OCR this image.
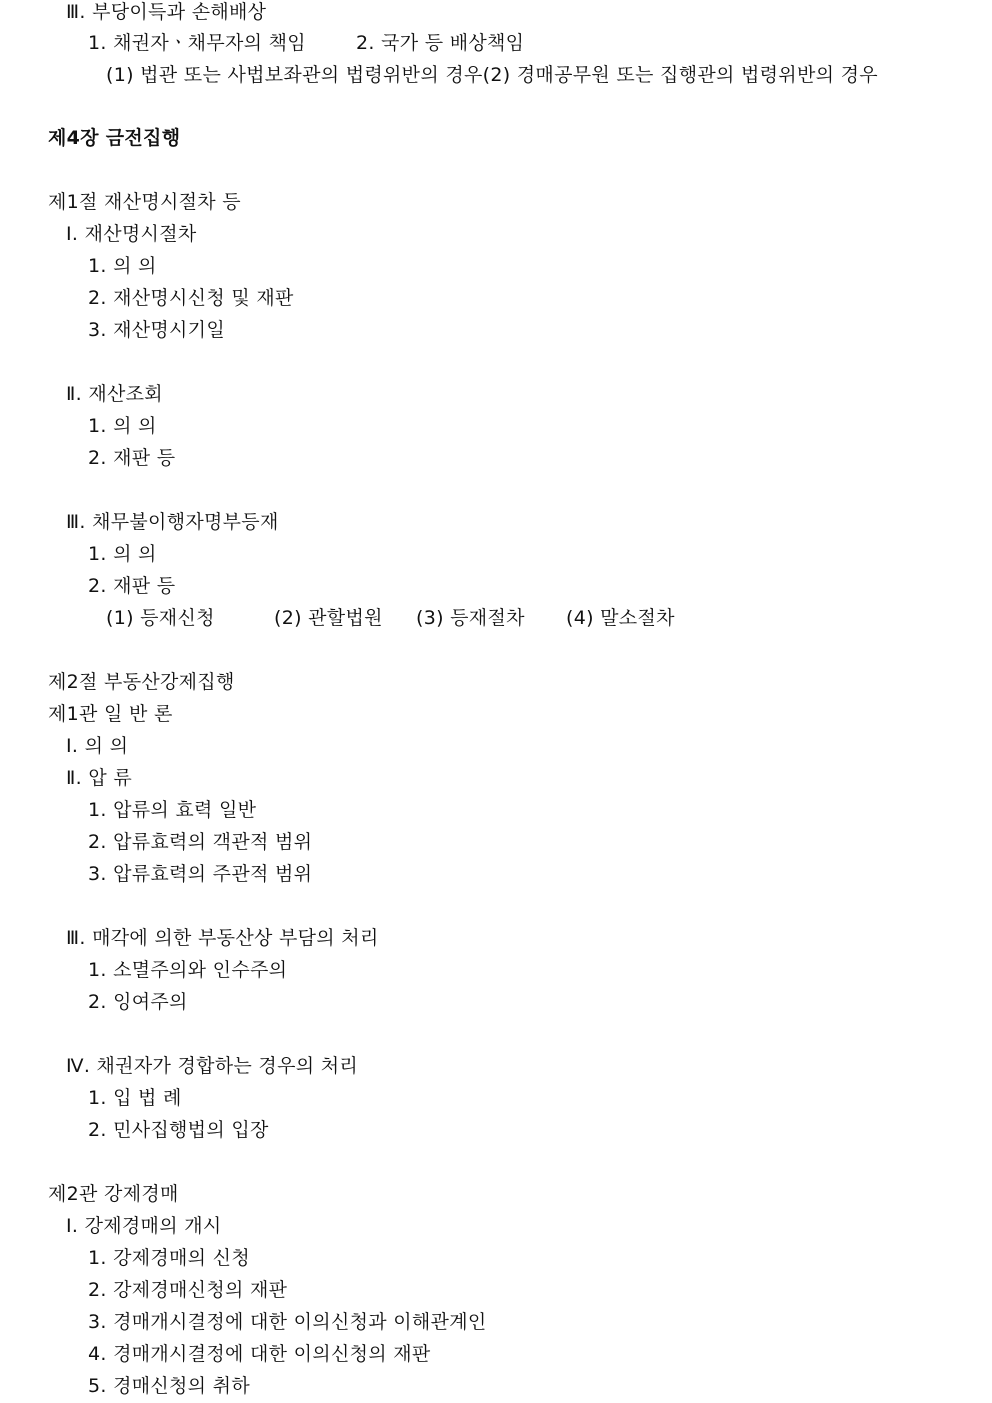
Ⅲ. 부당이득과 손해배상
1. 채권자ㆍ채무자의 책임	2. 국가 등 배상책임
(1) 법관 또는 사법보좌관의 법령위반의 경우(2) 경매공무원 또는 집행관의 법령위반의 경우
제4장 금전집행
제1절 재산명시절차 등
Ⅰ. 재산명시절차
1. 의 의
2. 재산명시신청 및 재판
3. 재산명시기일
Ⅱ. 재산조회
1. 의 의
2. 재판 등
Ⅲ. 채무불이행자명부등재
1. 의 의
2. 재판 등
(1) 등재신청	(2) 관할법원 (3) 등재절차 (4) 말소절차
제2절 부동산강제집행
제1관 일 반 론
Ⅰ. 의 의
Ⅱ. 압 류
1. 압류의 효력 일반
2. 압류효력의 객관적 범위
3. 압류효력의 주관적 범위
Ⅲ. 매각에 의한 부동산상 부담의 처리
1. 소멸주의와 인수주의
2. 잉여주의
Ⅳ. 채권자가 경합하는 경우의 처리
1. 입 법 례
2. 민사집행법의 입장
제2관 강제경매
Ⅰ. 강제경매의 개시
1. 강제경매의 신청
2. 강제경매신청의 재판
3. 경매개시결정에 대한 이의신청과 이해관계인
4. 경매개시결정에 대한 이의신청의 재판
5. 경매신청의 취하
